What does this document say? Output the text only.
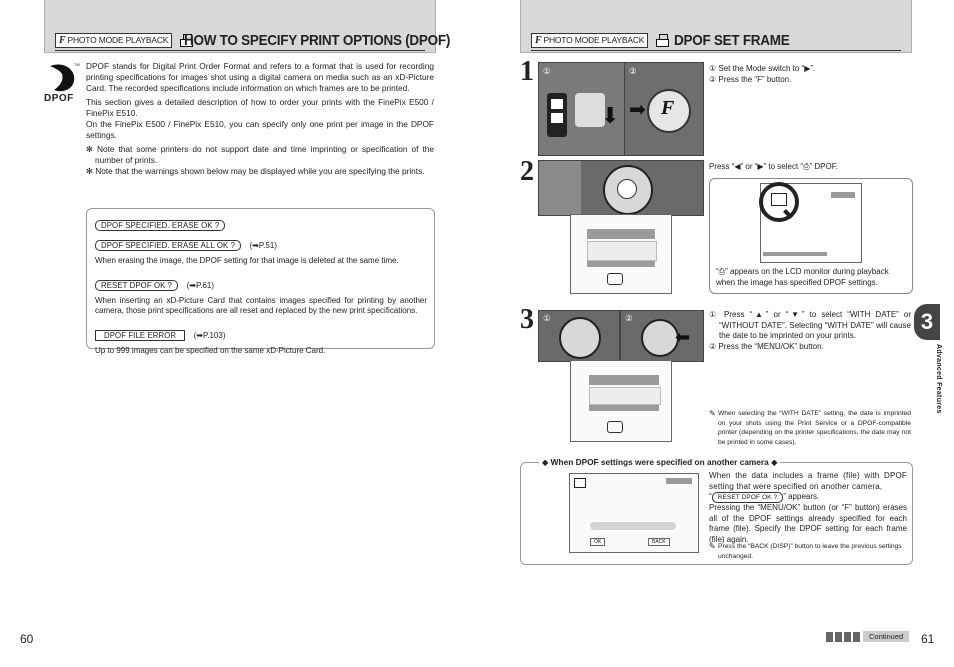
F PHOTO MODE PLAYBACK HOW TO SPECIFY PRINT OPTIONS (DPOF)
TM
DPOF

DPOF stands for Digital Print Order Format and refers to a format that is used for recording printing specifications for images shot using a digital camera on media such as an xD-Picture Card. The recorded specifications include information on which frames are to be printed.

This section gives a detailed description of how to order your prints with the FinePix E500 / FinePix E510.

On the FinePix E500 / FinePix E510, you can specify only one print per image in the DPOF settings.

✻ Note that some printers do not support date and time imprinting or specification of the number of prints.

✻ Note that the warnings shown below may be displayed while you are specifying the prints.

DPOF SPECIFIED. ERASE OK ?
DPOF SPECIFIED. ERASE ALL OK ? (➡P.51)

When erasing the image, the DPOF setting for that image is deleted at the same time.

RESET DPOF OK ? (➡P.61)

When inserting an xD-Picture Card that contains images specified for printing by another camera, those print specifications are all reset and replaced by the new print specifications.

DPOF FILE ERROR (➡P.103)

Up to 999 images can be specified on the same xD-Picture Card.

60
F PHOTO MODE PLAYBACK DPOF SET FRAME
1 ①
⬇
②
F
➡

① Set the Mode switch to “▶”.

② Press the “F” button.

2	Press “◀” or “▶” to select “⎙” DPOF.

“⎙” appears on the LCD monitor during playback when the image has specified DPOF settings.

3 ①	②
⬅

① Press “▲” or “▼” to select “WITH DATE” or “WITHOUT DATE”. Selecting “WITH DATE” will cause the date to be imprinted on your prints.

② Press the “MENU/OK” button.

✎ When selecting the “WITH DATE” setting, the date is imprinted on your shots using the Print Service or a DPOF-compatible printer (depending on the printer specifications, the date may not be printed in some cases).

◆ When DPOF settings were specified on another camera ◆
OK	BACK

When the data includes a frame (file) with DPOF setting that were specified on another camera,

“ RESET DPOF OK ? ” appears.

Pressing the “MENU/OK” button (or “F” button) erases all of the DPOF settings already specified for each frame (file). Specify the DPOF setting for each frame (file) again.

✎ Press the “BACK (DISP)” button to leave the previous settings unchanged.

3
Advanced Features
Continued	61
